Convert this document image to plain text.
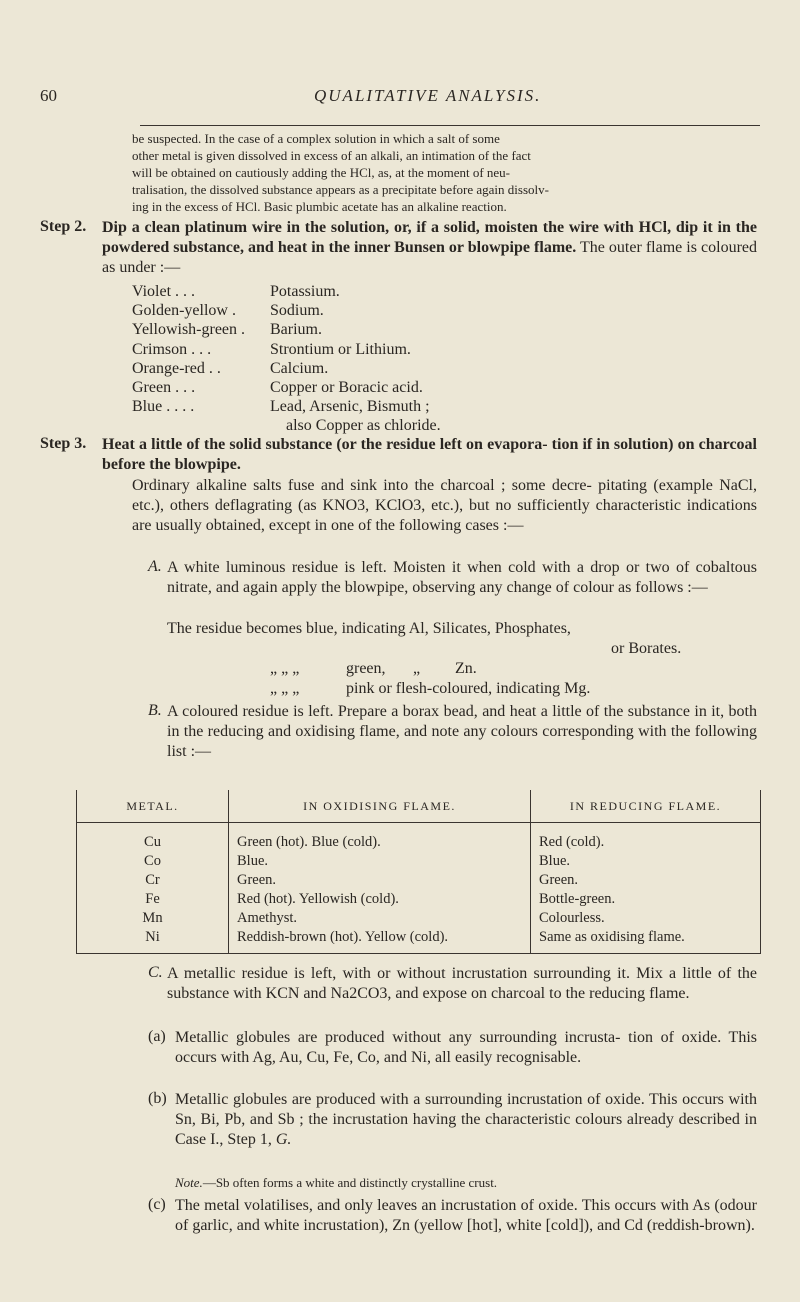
60	QUALITATIVE ANALYSIS.
be suspected. In the case of a complex solution in which a salt of some
other metal is given dissolved in excess of an alkali, an intimation of the fact
will be obtained on cautiously adding the HCl, as, at the moment of neu-
tralisation, the dissolved substance appears as a precipitate before again dissolv-
ing in the excess of HCl. Basic plumbic acetate has an alkaline reaction.
Step 2. Dip a clean platinum wire in the solution, or, if a solid, moisten the wire with HCl, dip it in the powdered substance, and heat in the inner Bunsen or blowpipe flame. The outer flame is coloured as under :—
Violet . . .	Potassium.
Golden-yellow . Sodium.
Yellowish-green . Barium.
Crimson . . .	Strontium or Lithium.
Orange-red . .	Calcium.
Green . . .	Copper or Boracic acid.
Blue . . . .	Lead, Arsenic, Bismuth ;
also Copper as chloride.
Step 3. Heat a little of the solid substance (or the residue left on evapora- tion if in solution) on charcoal before the blowpipe.
Ordinary alkaline salts fuse and sink into the charcoal ; some decre- pitating (example NaCl, etc.), others deflagrating (as KNO3, KClO3, etc.), but no sufficiently characteristic indications are usually obtained, except in one of the following cases :—
A. A white luminous residue is left. Moisten it when cold with a drop or two of cobaltous nitrate, and again apply the blowpipe, observing any change of colour as follows :—
The residue becomes blue, indicating Al, Silicates, Phosphates,
or Borates.
„ „ „	green, „ Zn.
„ „ „	pink or flesh-coloured, indicating Mg.
B. A coloured residue is left. Prepare a borax bead, and heat a little of the substance in it, both in the reducing and oxidising flame, and note any colours corresponding with the following list :—
METAL.	IN OXIDISING FLAME.	IN REDUCING FLAME.
Cu	Green (hot). Blue (cold).	Red (cold).
Co	Blue.	Blue.
Cr	Green.	Green.
Fe	Red (hot). Yellowish (cold).	Bottle-green.
Mn	Amethyst.	Colourless.
Ni	Reddish-brown (hot). Yellow (cold).	Same as oxidising flame.
C. A metallic residue is left, with or without incrustation surrounding it. Mix a little of the substance with KCN and Na2CO3, and expose on charcoal to the reducing flame.
(a) Metallic globules are produced without any surrounding incrusta- tion of oxide. This occurs with Ag, Au, Cu, Fe, Co, and Ni, all easily recognisable.
(b) Metallic globules are produced with a surrounding incrustation of oxide. This occurs with Sn, Bi, Pb, and Sb ; the incrustation having the characteristic colours already described in Case I., Step 1, G.
Note.—Sb often forms a white and distinctly crystalline crust.
(c) The metal volatilises, and only leaves an incrustation of oxide. This occurs with As (odour of garlic, and white incrustation), Zn (yellow [hot], white [cold]), and Cd (reddish-brown).
